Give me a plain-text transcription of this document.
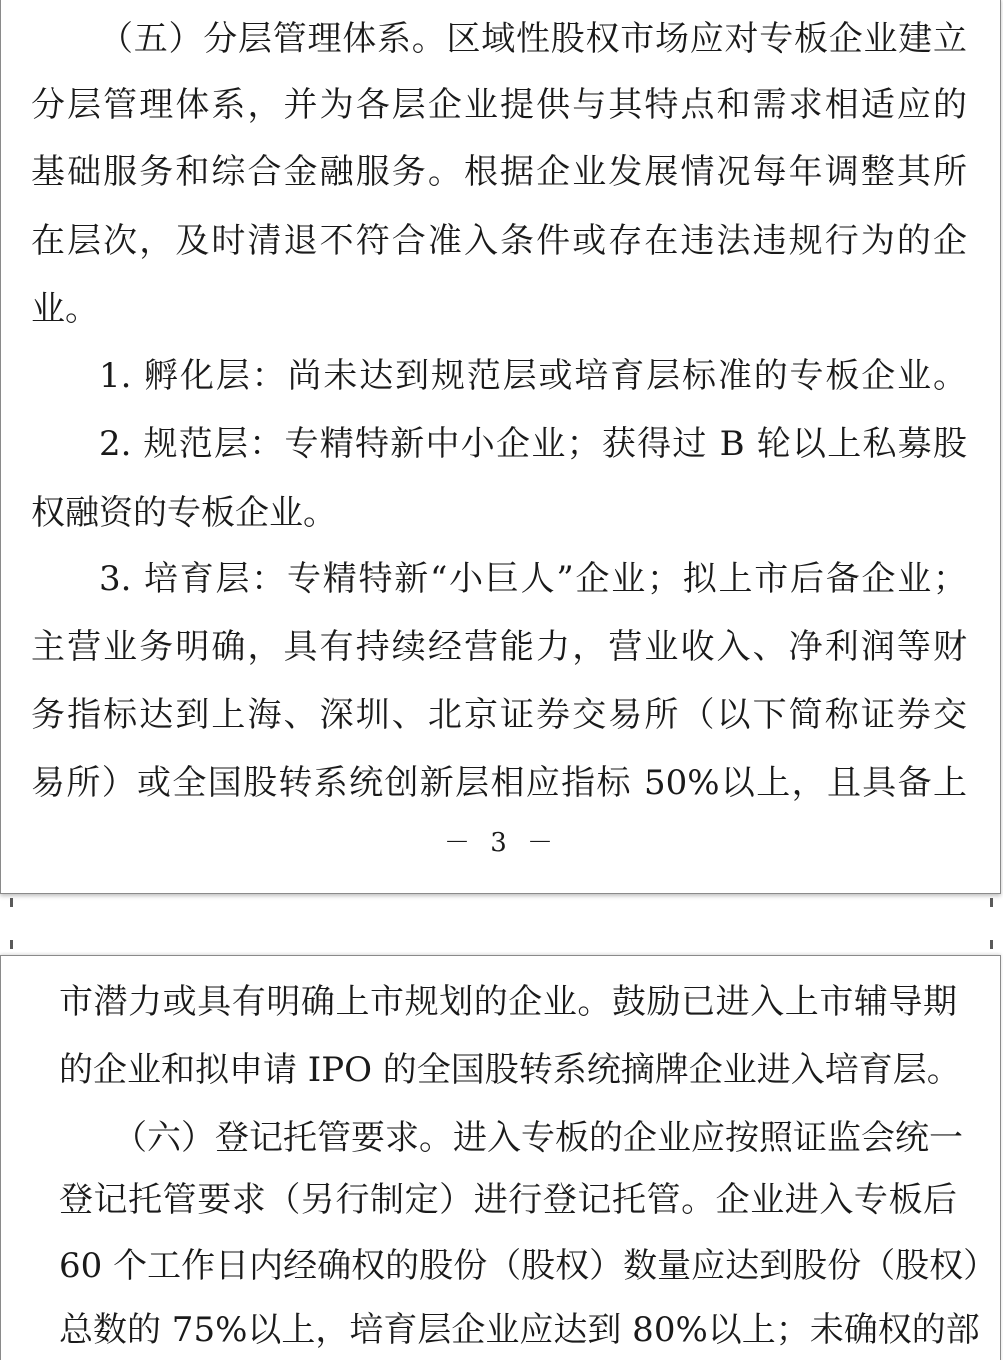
（五）分层管理体系。区域性股权市场应对专板企业建立
分层管理体系，并为各层企业提供与其特点和需求相适应的
基础服务和综合金融服务。根据企业发展情况每年调整其所
在层次，及时清退不符合准入条件或存在违法违规行为的企
业。
1. 孵化层：尚未达到规范层或培育层标准的专板企业。
2. 规范层：专精特新中小企业；获得过 B 轮以上私募股
权融资的专板企业。
3. 培育层：专精特新“小巨人”企业；拟上市后备企业；
主营业务明确，具有持续经营能力，营业收入、净利润等财
务指标达到上海、深圳、北京证券交易所（以下简称证券交
易所）或全国股转系统创新层相应指标 50%以上，且具备上
－ 3 －
市潜力或具有明确上市规划的企业。鼓励已进入上市辅导期
的企业和拟申请 IPO 的全国股转系统摘牌企业进入培育层。
（六）登记托管要求。进入专板的企业应按照证监会统一
登记托管要求（另行制定）进行登记托管。企业进入专板后
60 个工作日内经确权的股份（股权）数量应达到股份（股权）
总数的 75%以上，培育层企业应达到 80%以上；未确权的部
